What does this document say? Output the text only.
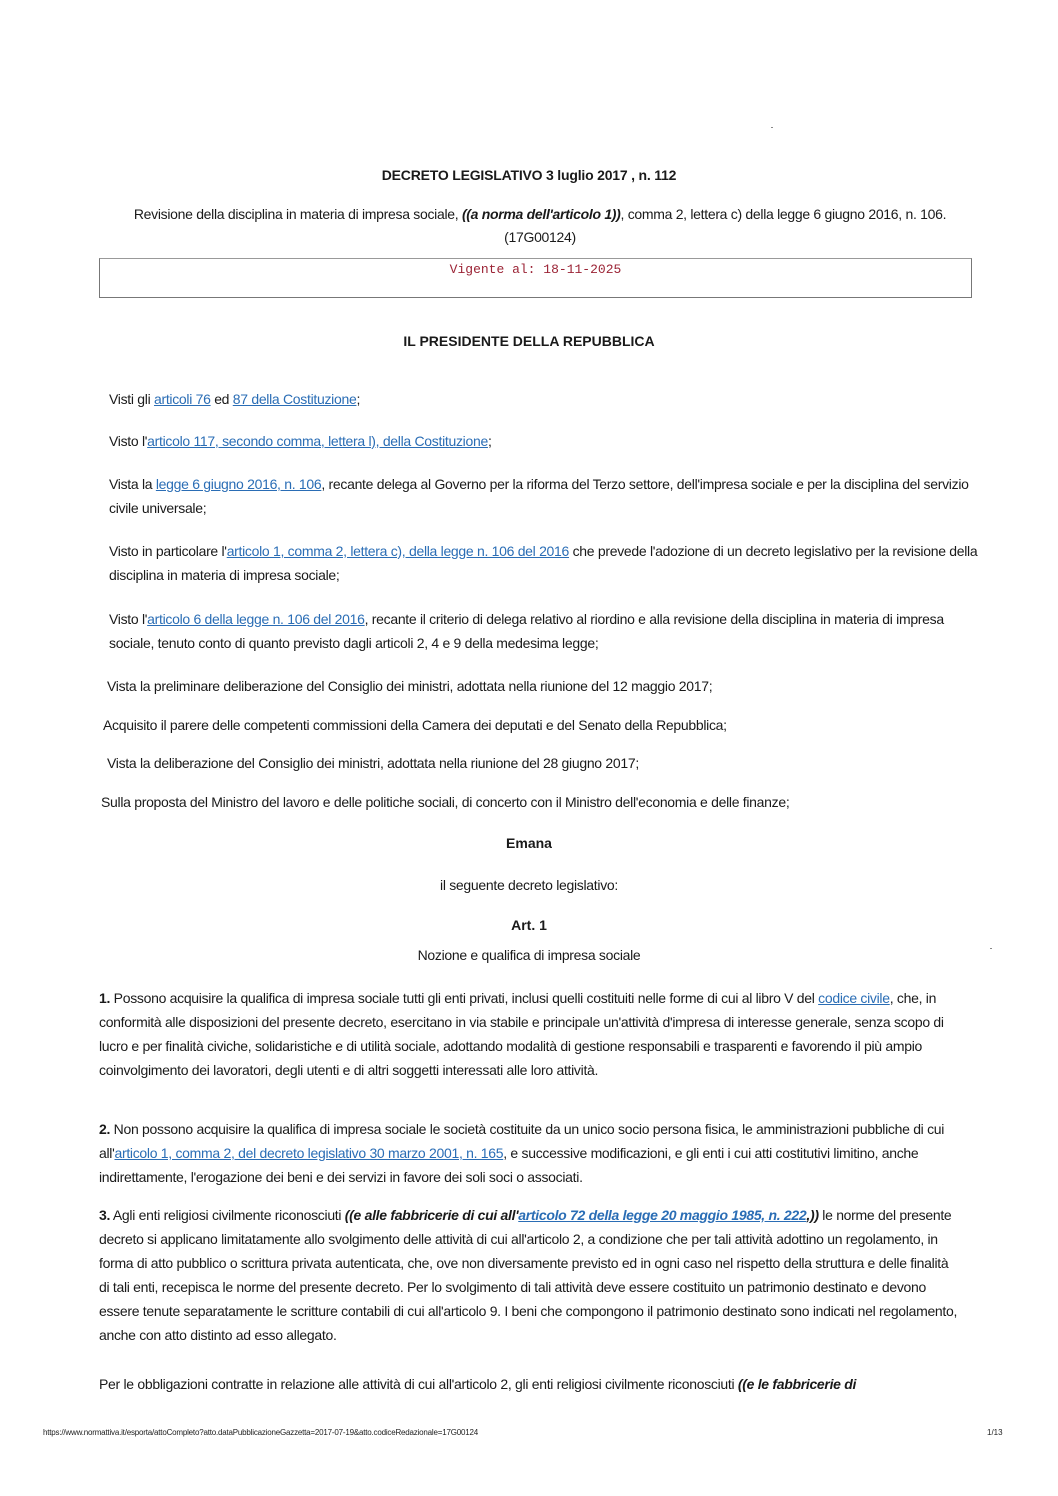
DECRETO LEGISLATIVO 3 luglio 2017 , n. 112
Revisione della disciplina in materia di impresa sociale, ((a norma dell'articolo 1)), comma 2, lettera c) della legge 6 giugno 2016, n. 106. (17G00124)
Vigente al: 18-11-2025
IL PRESIDENTE DELLA REPUBBLICA
Visti gli articoli 76 ed 87 della Costituzione;
Visto l'articolo 117, secondo comma, lettera l), della Costituzione;
Vista la legge 6 giugno 2016, n. 106, recante delega al Governo per la riforma del Terzo settore, dell'impresa sociale e per la disciplina del servizio civile universale;
Visto in particolare l'articolo 1, comma 2, lettera c), della legge n. 106 del 2016 che prevede l'adozione di un decreto legislativo per la revisione della disciplina in materia di impresa sociale;
Visto l'articolo 6 della legge n. 106 del 2016, recante il criterio di delega relativo al riordino e alla revisione della disciplina in materia di impresa sociale, tenuto conto di quanto previsto dagli articoli 2, 4 e 9 della medesima legge;
Vista la preliminare deliberazione del Consiglio dei ministri, adottata nella riunione del 12 maggio 2017;
Acquisito il parere delle competenti commissioni della Camera dei deputati e del Senato della Repubblica;
Vista la deliberazione del Consiglio dei ministri, adottata nella riunione del 28 giugno 2017;
Sulla proposta del Ministro del lavoro e delle politiche sociali, di concerto con il Ministro dell'economia e delle finanze;
Emana
il seguente decreto legislativo:
Art. 1
Nozione e qualifica di impresa sociale
1. Possono acquisire la qualifica di impresa sociale tutti gli enti privati, inclusi quelli costituiti nelle forme di cui al libro V del codice civile, che, in conformità alle disposizioni del presente decreto, esercitano in via stabile e principale un'attività d'impresa di interesse generale, senza scopo di lucro e per finalità civiche, solidaristiche e di utilità sociale, adottando modalità di gestione responsabili e trasparenti e favorendo il più ampio coinvolgimento dei lavoratori, degli utenti e di altri soggetti interessati alle loro attività.
2. Non possono acquisire la qualifica di impresa sociale le società costituite da un unico socio persona fisica, le amministrazioni pubbliche di cui all'articolo 1, comma 2, del decreto legislativo 30 marzo 2001, n. 165, e successive modificazioni, e gli enti i cui atti costitutivi limitino, anche indirettamente, l'erogazione dei beni e dei servizi in favore dei soli soci o associati.
3. Agli enti religiosi civilmente riconosciuti ((e alle fabbricerie di cui all'articolo 72 della legge 20 maggio 1985, n. 222,)) le norme del presente decreto si applicano limitatamente allo svolgimento delle attività di cui all'articolo 2, a condizione che per tali attività adottino un regolamento, in forma di atto pubblico o scrittura privata autenticata, che, ove non diversamente previsto ed in ogni caso nel rispetto della struttura e delle finalità di tali enti, recepisca le norme del presente decreto. Per lo svolgimento di tali attività deve essere costituito un patrimonio destinato e devono essere tenute separatamente le scritture contabili di cui all'articolo 9. I beni che compongono il patrimonio destinato sono indicati nel regolamento, anche con atto distinto ad esso allegato.
Per le obbligazioni contratte in relazione alle attività di cui all'articolo 2, gli enti religiosi civilmente riconosciuti ((e le fabbricerie di
https://www.normattiva.it/esporta/attoCompleto?atto.dataPubblicazioneGazzetta=2017-07-19&atto.codiceRedazionale=17G00124	1/13
